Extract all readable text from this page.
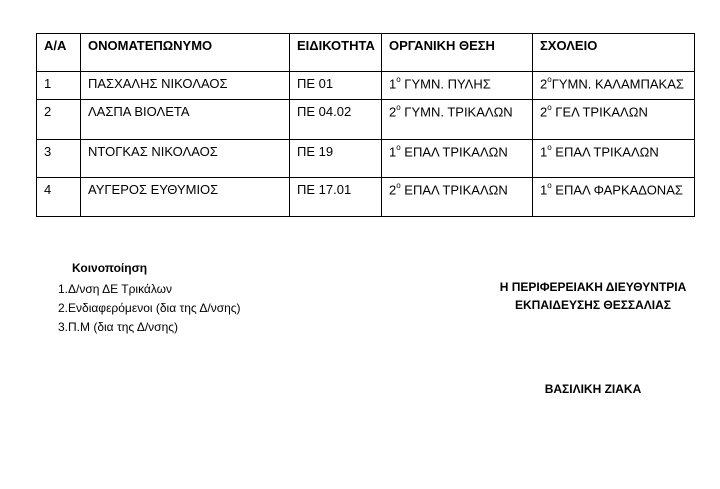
Α/Α	ΟΝΟΜΑΤΕΠΩΝΥΜΟ	ΕΙΔΙΚΟΤΗΤΑ	ΟΡΓΑΝΙΚΗ ΘΕΣΗ	ΣΧΟΛΕΙΟ
1	ΠΑΣΧΑΛΗΣ ΝΙΚΟΛΑΟΣ	ΠΕ 01	$1^o$ ΓΥΜΝ. ΠΥΛΗΣ	$2^o\Gamma\Upsilon MN$. ΚΑΛΑΜΠΑΚΑΣ
2	ΛΑΣΠΑ ΒΙΟΛΕΤΑ	ΠΕ 04.02	$2^o$ ΓΥΜΝ. ΤΡΙΚΑΛΩΝ	$2^o$ ΓΕΛ ΤΡΙΚΑΛΩΝ
3	ΝΤΟΓΚΑΣ ΝΙΚΟΛΑΟΣ	ΠΕ 19	$1^o$ ΕΠΑΛ ΤΡΙΚΑΛΩΝ	$1^o$ ΕΠΑΛ ΤΡΙΚΑΛΩΝ
4	ΑΥΓΕΡΟΣ ΕΥΘΥΜΙΟΣ	ΠΕ 17.01	$2^o$ ΕΠΑΛ ΤΡΙΚΑΛΩΝ	$1^o$ ΕΠΑΛ ΦΑΡΚΑΔΟΝΑΣ
Κοινοποίηση
1.Δ/νση ΔΕ Τρικάλων
2.Ενδιαφερόμενοι (δια της Δ/νσης)
3.Π.Μ (δια της Δ/νσης)
Η ΠΕΡΙΦΕΡΕΙΑΚΗ ΔΙΕΥΘΥΝΤΡΙΑ
ΕΚΠΑΙΔΕΥΣΗΣ ΘΕΣΣΑΛΙΑΣ
ΒΑΣΙΛΙΚΗ ΖΙΑΚΑ
